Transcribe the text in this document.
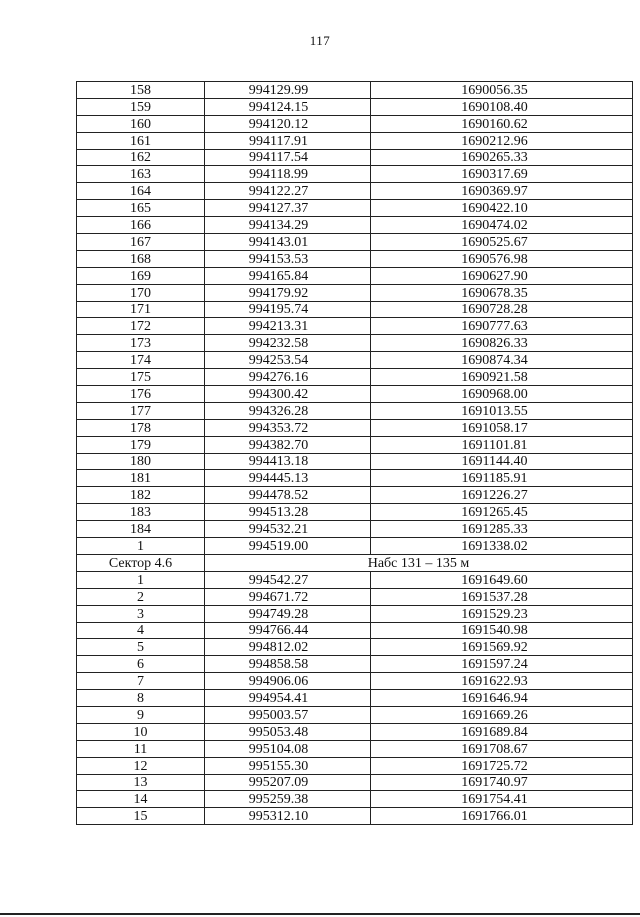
117
158	994129.99	1690056.35
159	994124.15	1690108.40
160	994120.12	1690160.62
161	994117.91	1690212.96
162	994117.54	1690265.33
163	994118.99	1690317.69
164	994122.27	1690369.97
165	994127.37	1690422.10
166	994134.29	1690474.02
167	994143.01	1690525.67
168	994153.53	1690576.98
169	994165.84	1690627.90
170	994179.92	1690678.35
171	994195.74	1690728.28
172	994213.31	1690777.63
173	994232.58	1690826.33
174	994253.54	1690874.34
175	994276.16	1690921.58
176	994300.42	1690968.00
177	994326.28	1691013.55
178	994353.72	1691058.17
179	994382.70	1691101.81
180	994413.18	1691144.40
181	994445.13	1691185.91
182	994478.52	1691226.27
183	994513.28	1691265.45
184	994532.21	1691285.33
1	994519.00	1691338.02
Сектор 4.6	Набс 131 – 135 м	
1	994542.27	1691649.60
2	994671.72	1691537.28
3	994749.28	1691529.23
4	994766.44	1691540.98
5	994812.02	1691569.92
6	994858.58	1691597.24
7	994906.06	1691622.93
8	994954.41	1691646.94
9	995003.57	1691669.26
10	995053.48	1691689.84
11	995104.08	1691708.67
12	995155.30	1691725.72
13	995207.09	1691740.97
14	995259.38	1691754.41
15	995312.10	1691766.01
